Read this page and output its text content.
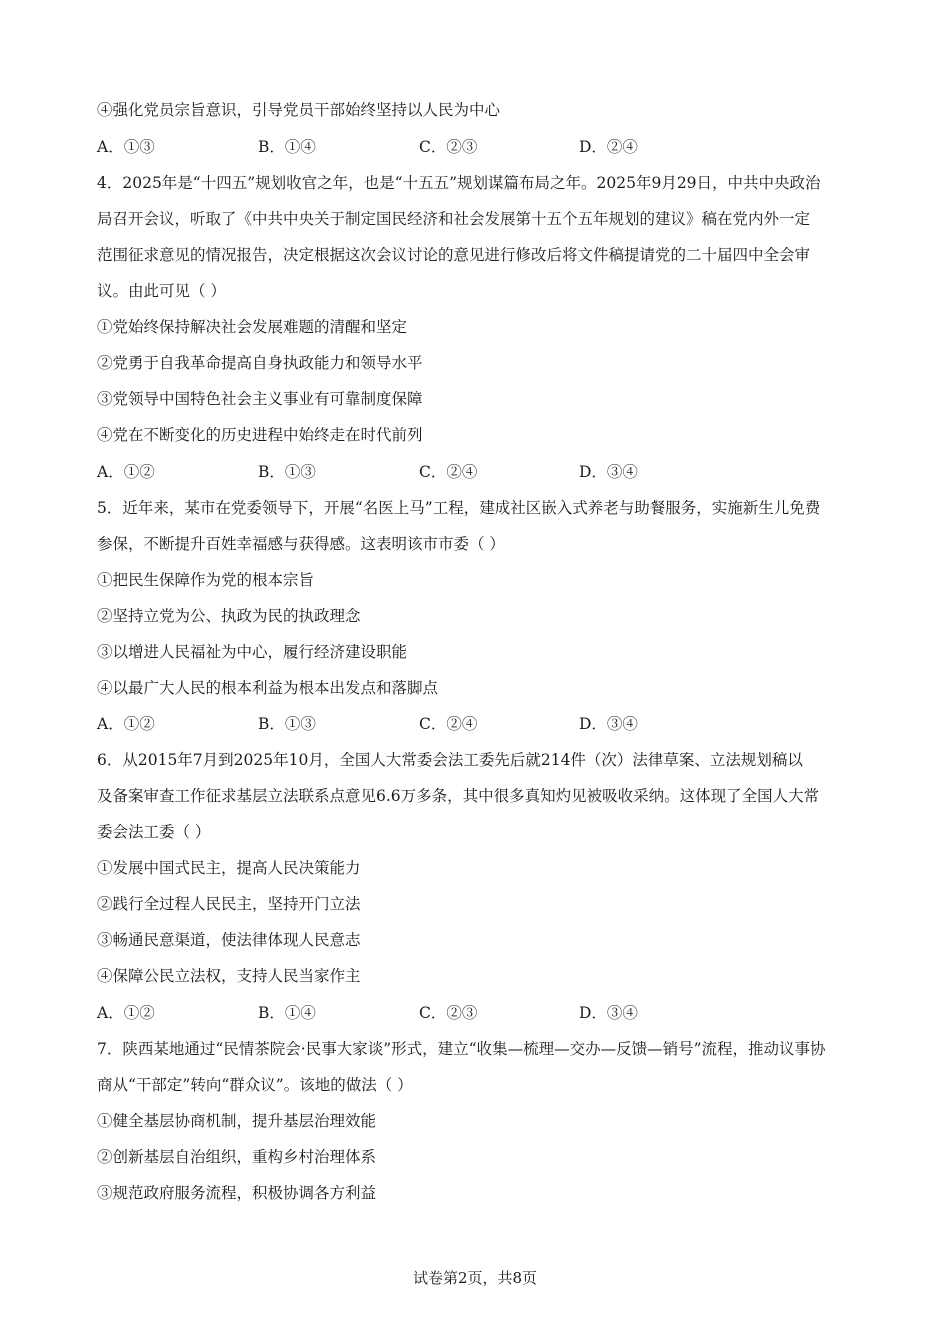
④强化党员宗旨意识，引导党员干部始终坚持以人民为中心
A．①③	B．①④	C．②③	D．②④
4．2025年是“十四五”规划收官之年，也是“十五五”规划谋篇布局之年。2025年9月29日，中共中央政治
局召开会议，听取了《中共中央关于制定国民经济和社会发展第十五个五年规划的建议》稿在党内外一定
范围征求意见的情况报告，决定根据这次会议讨论的意见进行修改后将文件稿提请党的二十届四中全会审
议。由此可见（ ）
①党始终保持解决社会发展难题的清醒和坚定
②党勇于自我革命提高自身执政能力和领导水平
③党领导中国特色社会主义事业有可靠制度保障
④党在不断变化的历史进程中始终走在时代前列
A．①②	B．①③	C．②④	D．③④
5．近年来，某市在党委领导下，开展“名医上马”工程，建成社区嵌入式养老与助餐服务，实施新生儿免费
参保，不断提升百姓幸福感与获得感。这表明该市市委（ ）
①把民生保障作为党的根本宗旨
②坚持立党为公、执政为民的执政理念
③以增进人民福祉为中心，履行经济建设职能
④以最广大人民的根本利益为根本出发点和落脚点
A．①②	B．①③	C．②④	D．③④
6．从2015年7月到2025年10月，全国人大常委会法工委先后就214件（次）法律草案、立法规划稿以
及备案审查工作征求基层立法联系点意见6.6万多条，其中很多真知灼见被吸收采纳。这体现了全国人大常
委会法工委（ ）
①发展中国式民主，提高人民决策能力
②践行全过程人民民主，坚持开门立法
③畅通民意渠道，使法律体现人民意志
④保障公民立法权，支持人民当家作主
A．①②	B．①④	C．②③	D．③④
7．陕西某地通过“民情茶院会·民事大家谈”形式，建立“收集—梳理—交办—反馈—销号”流程，推动议事协
商从“干部定”转向“群众议”。该地的做法（ ）
①健全基层协商机制，提升基层治理效能
②创新基层自治组织，重构乡村治理体系
③规范政府服务流程，积极协调各方利益
试卷第2页，共8页
